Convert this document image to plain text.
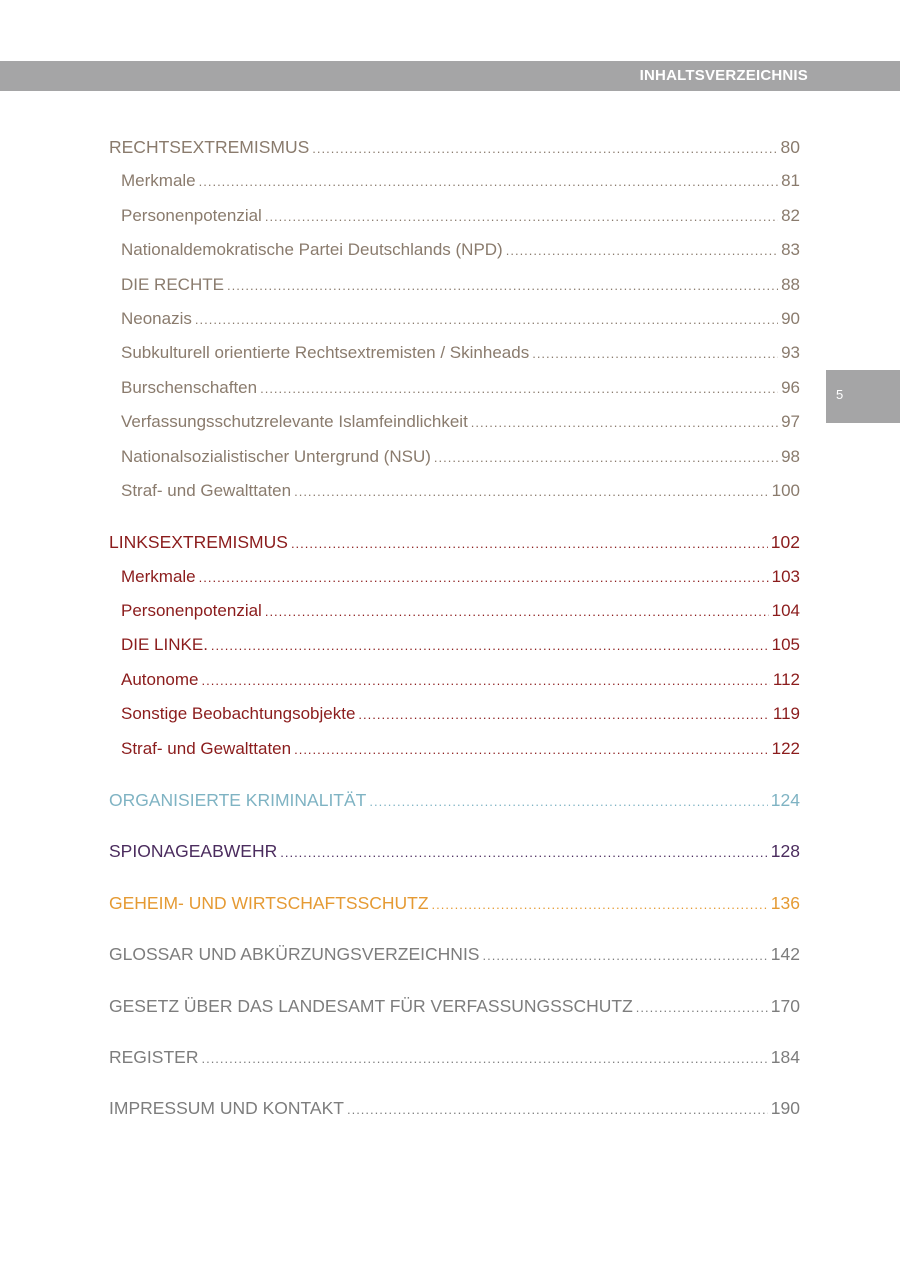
INHALTSVERZEICHNIS
5
RECHTSEXTREMISMUS .....	80
Merkmale .....	81
Personenpotenzial .....	82
Nationaldemokratische Partei Deutschlands (NPD) .....	83
DIE RECHTE .....	88
Neonazis .....	90
Subkulturell orientierte Rechtsextremisten / Skinheads .....	93
Burschenschaften .....	96
Verfassungsschutzrelevante Islamfeindlichkeit .....	97
Nationalsozialistischer Untergrund (NSU) .....	98
Straf- und Gewalttaten .....	100
LINKSEXTREMISMUS .....	102
Merkmale .....	103
Personenpotenzial .....	104
DIE LINKE. .....	105
Autonome .....	112
Sonstige Beobachtungsobjekte .....	119
Straf- und Gewalttaten .....	122
ORGANISIERTE KRIMINALITÄT .....	124
SPIONAGEABWEHR .....	128
GEHEIM- UND WIRTSCHAFTSSCHUTZ .....	136
GLOSSAR UND ABKÜRZUNGSVERZEICHNIS .....	142
GESETZ ÜBER DAS LANDESAMT FÜR VERFASSUNGSSCHUTZ .....	170
REGISTER .....	184
IMPRESSUM UND KONTAKT .....	190
